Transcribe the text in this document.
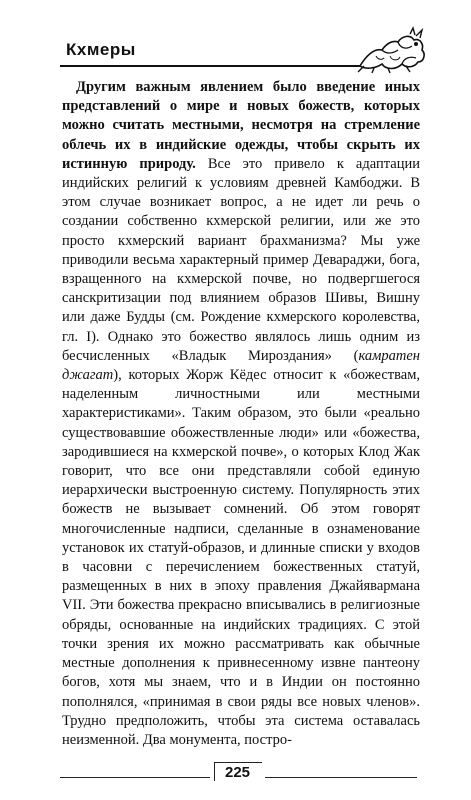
Кхмеры

Другим важным явлением было введение иных представлений о мире и новых божеств, которых можно считать местными, несмотря на стремление облечь их в индийские одежды, чтобы скрыть их истинную природу. Все это привело к адаптации индийских религий к условиям древней Камбоджи. В этом случае возникает вопрос, а не идет ли речь о создании собственно кхмерской религии, или же это просто кхмерский вариант брахманизма? Мы уже приводили весьма характерный пример Девараджи, бога, взращенного на кхмерской почве, но подвергшегося санскритизации под влиянием образов Шивы, Вишну или даже Будды (см. Рождение кхмерского королевства, гл. I). Однако это божество являлось лишь одним из бесчисленных «Владык Мироздания» (камратен джагат), которых Жорж Кёдес относит к «божествам, наделенным личностными или местными характеристиками». Таким образом, это были «реально существовавшие обожествленные люди» или «божества, зародившиеся на кхмерской почве», о которых Клод Жак говорит, что все они представляли собой единую иерархически выстроенную систему. Популярность этих божеств не вызывает сомнений. Об этом говорят многочисленные надписи, сделанные в ознаменование установок их статуй-образов, и длинные списки у входов в часовни с перечислением божественных статуй, размещенных в них в эпоху правления Джайявармана VII. Эти божества прекрасно вписывались в религиозные обряды, основанные на индийских традициях. С этой точки зрения их можно рассматривать как обычные местные дополнения к привнесенному извне пантеону богов, хотя мы знаем, что и в Индии он постоянно пополнялся, «принимая в свои ряды все новых членов». Трудно предположить, чтобы эта система оставалась неизменной. Два монумента, постро-

225
